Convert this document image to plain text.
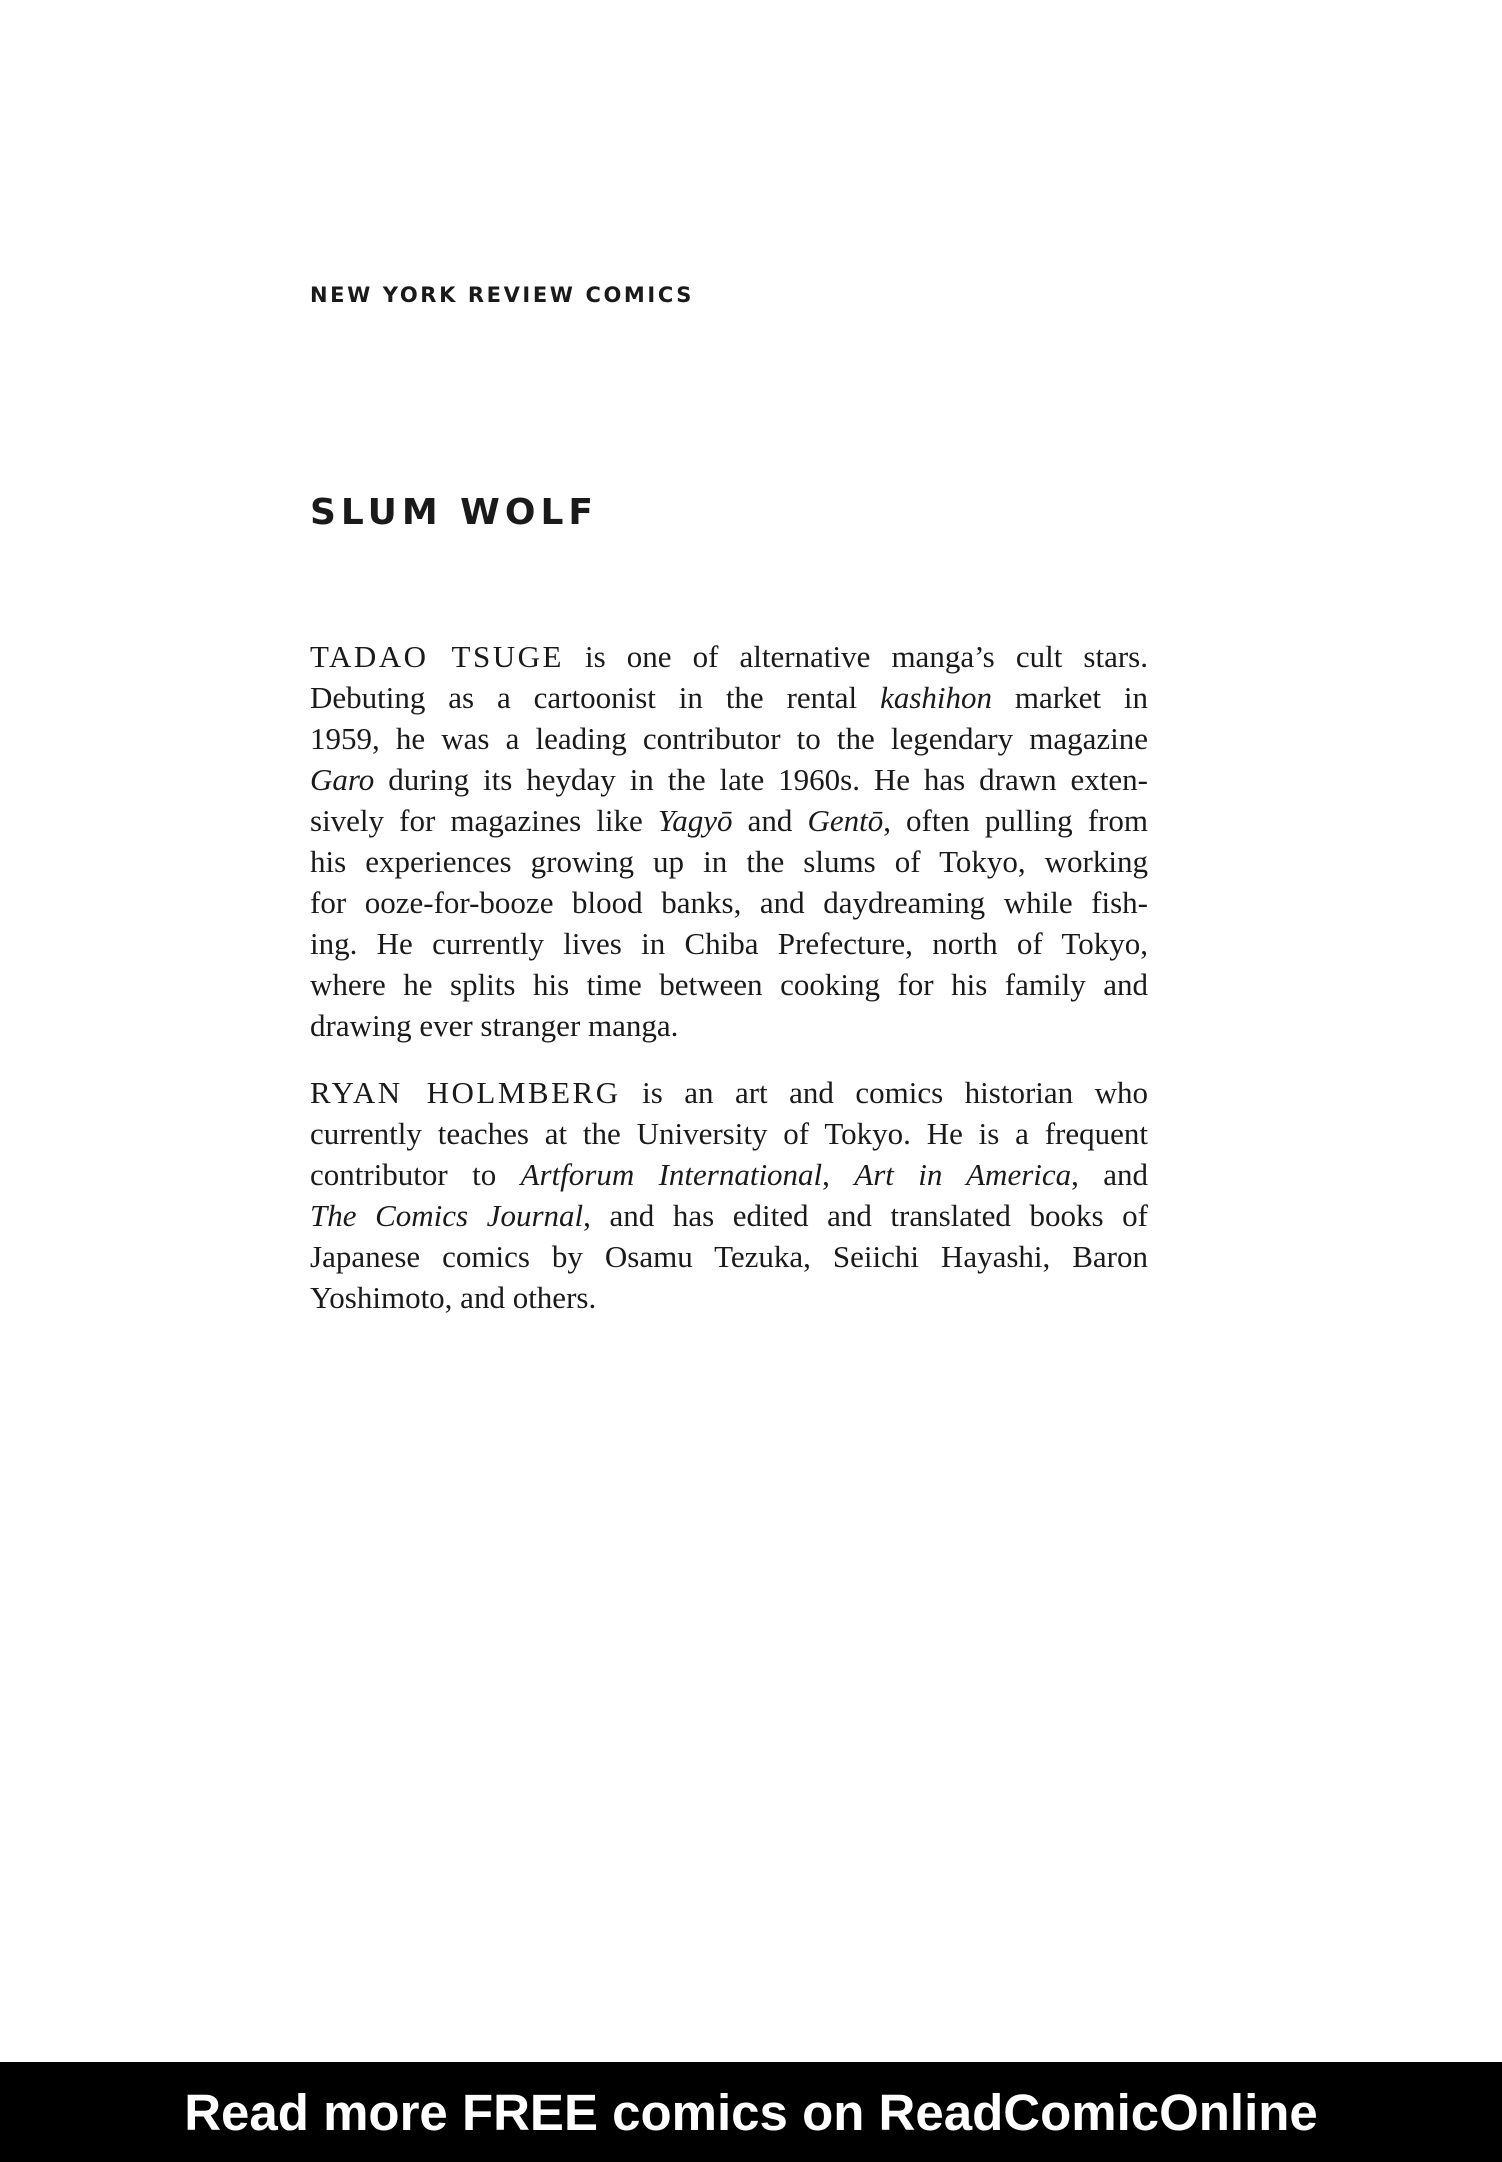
NEW YORK REVIEW COMICS
SLUM WOLF
TADAO TSUGE is one of alternative manga’s cult stars.
Debuting as a cartoonist in the rental kashihon market in
1959, he was a leading contributor to the legendary magazine
Garo during its heyday in the late 1960s. He has drawn exten-
sively for magazines like Yagyō and Gentō, often pulling from
his experiences growing up in the slums of Tokyo, working
for ooze-for-booze blood banks, and daydreaming while fish-
ing. He currently lives in Chiba Prefecture, north of Tokyo,
where he splits his time between cooking for his family and
drawing ever stranger manga.
RYAN HOLMBERG is an art and comics historian who
currently teaches at the University of Tokyo. He is a frequent
contributor to Artforum International, Art in America, and
The Comics Journal, and has edited and translated books of
Japanese comics by Osamu Tezuka, Seiichi Hayashi, Baron
Yoshimoto, and others.
Read more FREE comics on ReadComicOnline
